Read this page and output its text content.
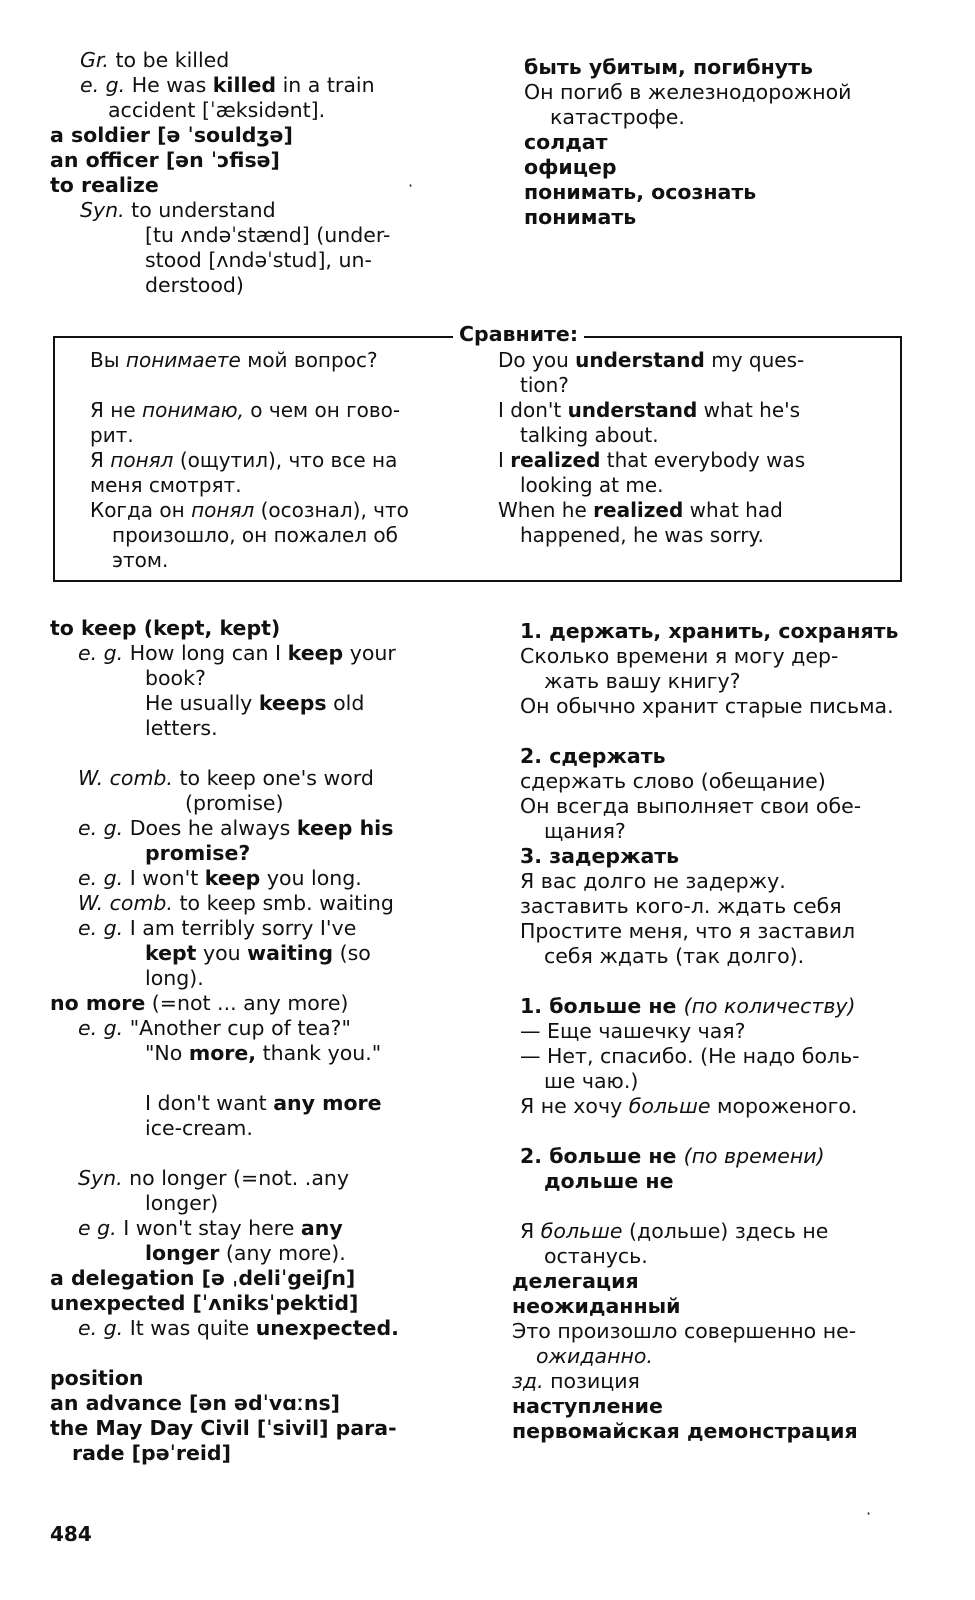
Gr. to be killed
e. g. He was killed in a train
accident [ˈæksidənt].
a soldier [ə ˈsouldʒə]
an officer [ən ˈɔfisə]
to realize
Syn. to understand
[tu ʌndəˈstænd] (under-
stood [ʌndəˈstud], un-
derstood)
быть убитым, погибнуть
Он погиб в железнодорожной
катастрофе.
солдат
офицер
понимать, осознать
понимать
Сравните:
Вы понимаете мой вопрос?
Я не понимаю, о чем он гово-
рит.
Я понял (ощутил), что все на
меня смотрят.
Когда он понял (осознал), что
произошло, он пожалел об
этом.
Do you understand my ques-
tion?
I don't understand what he's
talking about.
I realized that everybody was
looking at me.
When he realized what had
happened, he was sorry.
to keep (kept, kept)
e. g. How long can I keep your
book?
He usually keeps old
letters.
W. comb. to keep one's word
(promise)
e. g. Does he always keep his
promise?
e. g. I won't keep you long.
W. comb. to keep smb. waiting
e. g. I am terribly sorry I've
kept you waiting (so
long).
no more (=not ... any more)
e. g. "Another cup of tea?"
"No more, thank you."
I don't want any more
ice-cream.
Syn. no longer (=not. .any
longer)
e g. I won't stay here any
longer (any more).
a delegation [ə ˌdeliˈgeiʃn]
unexpected [ˈʌniksˈpektid]
e. g. It was quite unexpected.
position
an advance [ən ədˈvɑːns]
the May Day Civil [ˈsivil] para-
rade [pəˈreid]
1. держать, хранить, сохранять
Сколько времени я могу дер-
жать вашу книгу?
Он обычно хранит старые письма.
2. сдержать
сдержать слово (обещание)
Он всегда выполняет свои обе-
щания?
3. задержать
Я вас долго не задержу.
заставить кого-л. ждать себя
Простите меня, что я заставил
себя ждать (так долго).
1. больше не (по количеству)
— Еще чашечку чая?
— Нет, спасибо. (Не надо боль-
ше чаю.)
Я не хочу больше мороженого.
2. больше не (по времени)
дольше не
Я больше (дольше) здесь не
останусь.
делегация
неожиданный
Это произошло совершенно не-
ожиданно.
зд. позиция
наступление
первомайская демонстрация
484
·
·
